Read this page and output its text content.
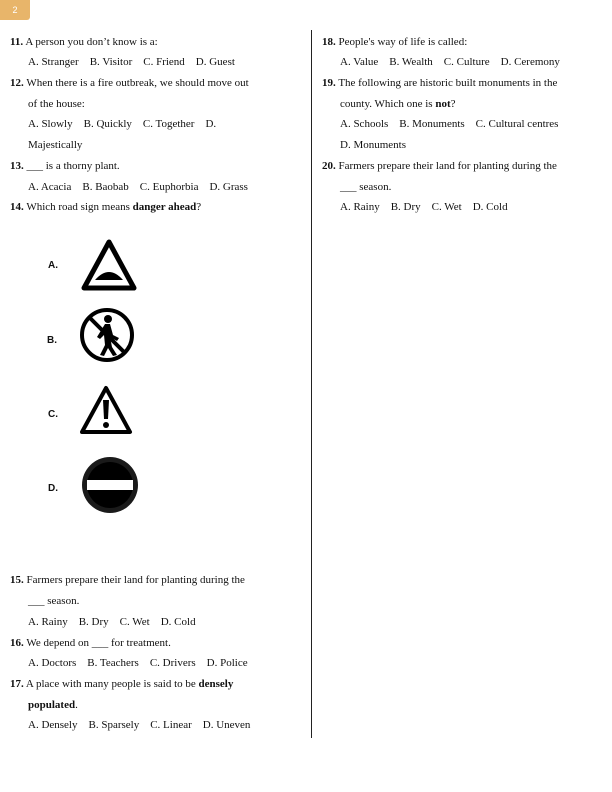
2
11. A person you don’t know is a:
A. Stranger    B. Visitor    C. Friend    D. Guest
12. When there is a fire outbreak, we should move out
of the house:
A. Slowly    B. Quickly    C. Together    D.
Majestically
13. ___ is a thorny plant.
A. Acacia    B. Baobab    C. Euphorbia    D. Grass
14. Which road sign means danger ahead?
A.
B.
C.
D.
15. Farmers prepare their land for planting during the
___ season.
A. Rainy    B. Dry    C. Wet    D. Cold
16. We depend on ___ for treatment.
A. Doctors    B. Teachers    C. Drivers    D. Police
17. A place with many people is said to be densely
populated.
A. Densely    B. Sparsely    C. Linear    D. Uneven
18. People's way of life is called:
A. Value    B. Wealth    C. Culture    D. Ceremony
19. The following are historic built monuments in the
county. Which one is not?
A. Schools    B. Monuments    C. Cultural centres
D. Monuments
20. Farmers prepare their land for planting during the
___ season.
A. Rainy    B. Dry    C. Wet    D. Cold
